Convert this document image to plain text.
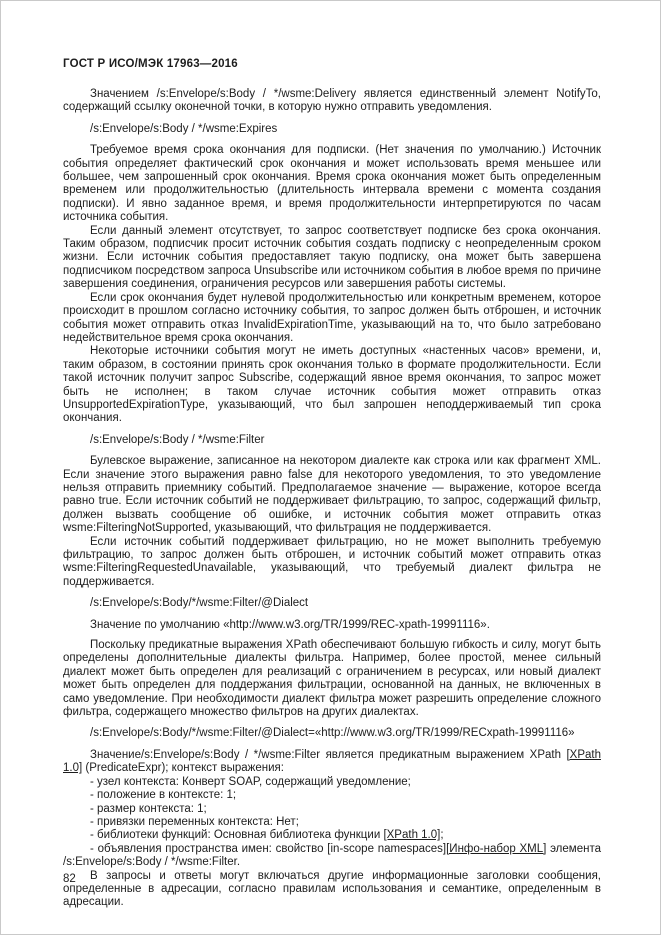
ГОСТ Р ИСО/МЭК 17963—2016

Значением /s:Envelope/s:Body / */wsme:Delivery является единственный элемент NotifyTo, содержащий ссылку оконечной точки, в которую нужно отправить уведомления.

/s:Envelope/s:Body / */wsme:Expires

Требуемое время срока окончания для подписки. (Нет значения по умолчанию.) Источник события определяет фактический срок окончания и может использовать время меньшее или большее, чем запрошенный срок окончания. Время срока окончания может быть определенным временем или продолжительностью (длительность интервала времени с момента создания подписки). И явно заданное время, и время продолжительности интерпретируются по часам источника события.

Если данный элемент отсутствует, то запрос соответствует подписке без срока окончания. Таким образом, подписчик просит источник события создать подписку с неопределенным сроком жизни. Если источник события предоставляет такую подписку, она может быть завершена подписчиком посредством запроса Unsubscribe или источником события в любое время по причине завершения соединения, ограничения ресурсов или завершения работы системы.

Если срок окончания будет нулевой продолжительностью или конкретным временем, которое происходит в прошлом согласно источнику события, то запрос должен быть отброшен, и источник события может отправить отказ InvalidExpirationTime, указывающий на то, что было затребовано недействительное время срока окончания.

Некоторые источники события могут не иметь доступных «настенных часов» времени, и, таким образом, в состоянии принять срок окончания только в формате продолжительности. Если такой источник получит запрос Subscribe, содержащий явное время окончания, то запрос может быть не исполнен; в таком случае источник события может отправить отказ UnsupportedExpirationType, указывающий, что был запрошен неподдерживаемый тип срока окончания.

/s:Envelope/s:Body / */wsme:Filter

Булевское выражение, записанное на некотором диалекте как строка или как фрагмент XML. Если значение этого выражения равно false для некоторого уведомления, то это уведомление нельзя отправить приемнику событий. Предполагаемое значение — выражение, которое всегда равно true. Если источник событий не поддерживает фильтрацию, то запрос, содержащий фильтр, должен вызвать сообщение об ошибке, и источник события может отправить отказ wsme:FilteringNotSupported, указывающий, что фильтрация не поддерживается.

Если источник событий поддерживает фильтрацию, но не может выполнить требуемую фильтрацию, то запрос должен быть отброшен, и источник событий может отправить отказ wsme:FilteringRequestedUnavailable, указывающий, что требуемый диалект фильтра не поддерживается.

/s:Envelope/s:Body/*/wsme:Filter/@Dialect

Значение по умолчанию «http://www.w3.org/TR/1999/REC-xpath-19991116».

Поскольку предикатные выражения XPath обеспечивают большую гибкость и силу, могут быть определены дополнительные диалекты фильтра. Например, более простой, менее сильный диалект может быть определен для реализаций с ограничением в ресурсах, или новый диалект может быть определен для поддержания фильтрации, основанной на данных, не включенных в само уведомление. При необходимости диалект фильтра может разрешить определение сложного фильтра, содержащего множество фильтров на других диалектах.

/s:Envelope/s:Body/*/wsme:Filter/@Dialect=«http://www.w3.org/TR/1999/RECxpath-19991116»

Значение/s:Envelope/s:Body / */wsme:Filter является предикатным выражением XPath [XPath 1.0] (PredicateExpr); контекст выражения:

- узел контекста: Конверт SOAP, содержащий уведомление;

- положение в контексте: 1;

- размер контекста: 1;

- привязки переменных контекста: Нет;

- библиотеки функций: Основная библиотека функции [XPath 1.0];

- объявления пространства имен: свойство [in-scope namespaces][Инфо-набор XML] элемента /s:Envelope/s:Body / */wsme:Filter.

В запросы и ответы могут включаться другие информационные заголовки сообщения, определенные в адресации, согласно правилам использования и семантике, определенным в адресации.

82
